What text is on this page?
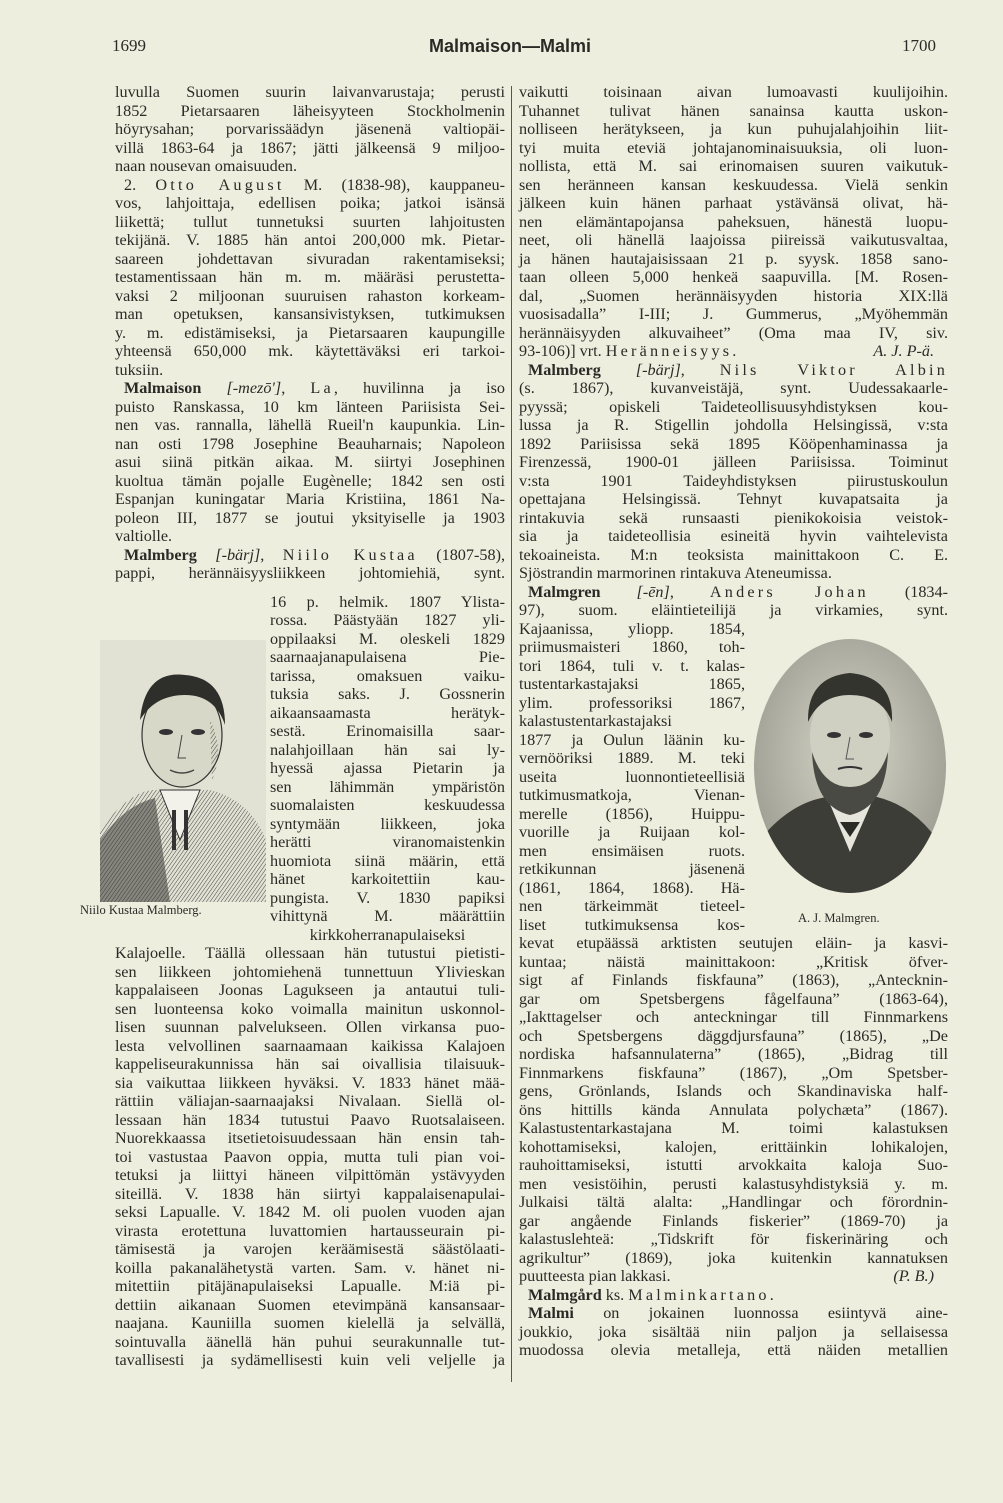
1699	Malmaison—Malmi	1700
luvulla Suomen suurin laivanvarustaja; perusti
1852 Pietarsaaren läheisyyteen Stockholmenin
höyrysahan; porvarissäädyn jäsenenä valtiopäi-
villä 1863-64 ja 1867; jätti jälkeensä 9 miljoo-
naan nousevan omaisuuden.
2. Otto August M. (1838-98), kauppaneu-
vos, lahjoittaja, edellisen poika; jatkoi isänsä
liikettä; tullut tunnetuksi suurten lahjoitusten
tekijänä. V. 1885 hän antoi 200,000 mk. Pietar-
saareen johdettavan sivuradan rakentamiseksi;
testamentissaan hän m. m. määräsi perustetta-
vaksi 2 miljoonan suuruisen rahaston korkeam-
man opetuksen, kansansivistyksen, tutkimuksen
y. m. edistämiseksi, ja Pietarsaaren kaupungille
yhteensä 650,000 mk. käytettäväksi eri tarkoi-
tuksiin.
Malmaison [-mezō'], La, huvilinna ja iso
puisto Ranskassa, 10 km länteen Pariisista Sei-
nen vas. rannalla, lähellä Rueil'n kaupunkia. Lin-
nan osti 1798 Josephine Beauharnais; Napoleon
asui siinä pitkän aikaa. M. siirtyi Josephinen
kuoltua tämän pojalle Eugènelle; 1842 sen osti
Espanjan kuningatar Maria Kristiina, 1861 Na-
poleon III, 1877 se joutui yksityiselle ja 1903
valtiolle.
Malmberg [-bärj], Niilo Kustaa (1807-58),
pappi, herännäisyysliikkeen johtomiehiä, synt.
16 p. helmik. 1807 Ylista-
rossa. Päästyään 1827 yli-
oppilaaksi M. oleskeli 1829
saarnaajanapulaisena Pie-
tarissa, omaksuen vaiku-
tuksia saks. J. Gossnerin
aikaansaamasta herätyk-
sestä. Erinomaisilla saar-
nalahjoillaan hän sai ly-
hyessä ajassa Pietarin ja
sen lähimmän ympäristön
suomalaisten keskuudessa
syntymään liikkeen, joka
herätti viranomaistenkin
huomiota siinä määrin, että
hänet karkoitettiin kau-
pungista. V. 1830 papiksi
vihittynä M. määrättiin
kirkkoherranapulaiseksi
Kalajoelle. Täällä ollessaan hän tutustui pietisti-
sen liikkeen johtomiehenä tunnettuun Ylivieskan
kappalaiseen Joonas Lagukseen ja antautui tuli-
sen luonteensa koko voimalla mainitun uskonnol-
lisen suunnan palvelukseen. Ollen virkansa puo-
lesta velvollinen saarnaamaan kaikissa Kalajoen
kappeliseurakunnissa hän sai oivallisia tilaisuuk-
sia vaikuttaa liikkeen hyväksi. V. 1833 hänet mää-
rättiin väliajan-saarnaajaksi Nivalaan. Siellä ol-
lessaan hän 1834 tutustui Paavo Ruotsalaiseen.
Nuorekkaassa itsetietoisuudessaan hän ensin tah-
toi vastustaa Paavon oppia, mutta tuli pian voi-
tetuksi ja liittyi häneen vilpittömän ystävyyden
siteillä. V. 1838 hän siirtyi kappalaisenapulai-
seksi Lapualle. V. 1842 M. oli puolen vuoden ajan
virasta erotettuna luvattomien hartausseurain pi-
tämisestä ja varojen keräämisestä säästölaati-
koilla pakanalähetystä varten. Sam. v. hänet ni-
mitettiin pitäjänapulaiseksi Lapualle. M:iä pi-
dettiin aikanaan Suomen etevimpänä kansansaar-
naajana. Kauniilla suomen kielellä ja selvällä,
sointuvalla äänellä hän puhui seurakunnalle tut-
tavallisesti ja sydämellisesti kuin veli veljelle ja
vaikutti toisinaan aivan lumoavasti kuulijoihin.
Tuhannet tulivat hänen sanainsa kautta uskon-
nolliseen herätykseen, ja kun puhujalahjoihin liit-
tyi muita eteviä johtajanominaisuuksia, oli luon-
nollista, että M. sai erinomaisen suuren vaikutuk-
sen heränneen kansan keskuudessa. Vielä senkin
jälkeen kuin hänen parhaat ystävänsä olivat, hä-
nen elämäntapojansa paheksuen, hänestä luopu-
neet, oli hänellä laajoissa piireissä vaikutusvaltaa,
ja hänen hautajaisissaan 21 p. syysk. 1858 sano-
taan olleen 5,000 henkeä saapuvilla. [M. Rosen-
dal, „Suomen herännäisyyden historia XIX:llä
vuosisadalla” I-III; J. Gummerus, „Myöhemmän
herännäisyyden alkuvaiheet” (Oma maa IV, siv.
93-106)] vrt. Heränneisyys.	A. J. P-ä.
Malmberg [-bärj], Nils Viktor Albin
(s. 1867), kuvanveistäjä, synt. Uudessakaarle-
pyyssä; opiskeli Taideteollisuusyhdistyksen kou-
lussa ja R. Stigellin johdolla Helsingissä, v:sta
1892 Pariisissa sekä 1895 Kööpenhaminassa ja
Firenzessä, 1900-01 jälleen Pariisissa. Toiminut
v:sta 1901 Taideyhdistyksen piirustuskoulun
opettajana Helsingissä. Tehnyt kuvapatsaita ja
rintakuvia sekä runsaasti pienikokoisia veistok-
sia ja taideteollisia esineitä hyvin vaihtelevista
tekoaineista. M:n teoksista mainittakoon C. E.
Sjöstrandin marmorinen rintakuva Ateneumissa.
Malmgren [-ēn], Anders Johan (1834-
97), suom. eläintieteilijä ja virkamies, synt.
Kajaanissa, yliopp. 1854,
priimusmaisteri 1860, toh-
tori 1864, tuli v. t. kalas-
tustentarkastajaksi 1865,
ylim. professoriksi 1867,
kalastustentarkastajaksi
1877 ja Oulun läänin ku-
vernööriksi 1889. M. teki
useita luonnontieteellisiä
tutkimusmatkoja, Vienan-
merelle (1856), Huippu-
vuorille ja Ruijaan kol-
men ensimäisen ruots.
retkikunnan jäsenenä
(1861, 1864, 1868). Hä-
nen tärkeimmät tieteel-
liset tutkimuksensa kos-
kevat etupäässä arktisten seutujen eläin- ja kasvi-
kuntaa; näistä mainittakoon: „Kritisk öfver-
sigt af Finlands fiskfauna” (1863), „Antecknin-
gar om Spetsbergens fågelfauna” (1863-64),
„Iakttagelser och anteckningar till Finnmarkens
och Spetsbergens däggdjursfauna” (1865), „De
nordiska hafsannulaterna” (1865), „Bidrag till
Finnmarkens fiskfauna” (1867), „Om Spetsber-
gens, Grönlands, Islands och Skandinaviska half-
öns hittills kända Annulata polychæta” (1867).
Kalastustentarkastajana M. toimi kalastuksen
kohottamiseksi, kalojen, erittäinkin lohikalojen,
rauhoittamiseksi, istutti arvokkaita kaloja Suo-
men vesistöihin, perusti kalastusyhdistyksiä y. m.
Julkaisi tältä alalta: „Handlingar och förordnin-
gar angående Finlands fiskerier” (1869-70) ja
kalastuslehteä: „Tidskrift för fiskerinäring och
agrikultur” (1869), joka kuitenkin kannatuksen
puutteesta pian lakkasi.	(P. B.)
Malmgård ks. Malminkartano.
Malmi on jokainen luonnossa esiintyvä aine-
joukkio, joka sisältää niin paljon ja sellaisessa
muodossa olevia metalleja, että näiden metallien
Niilo Kustaa Malmberg.
A. J. Malmgren.
